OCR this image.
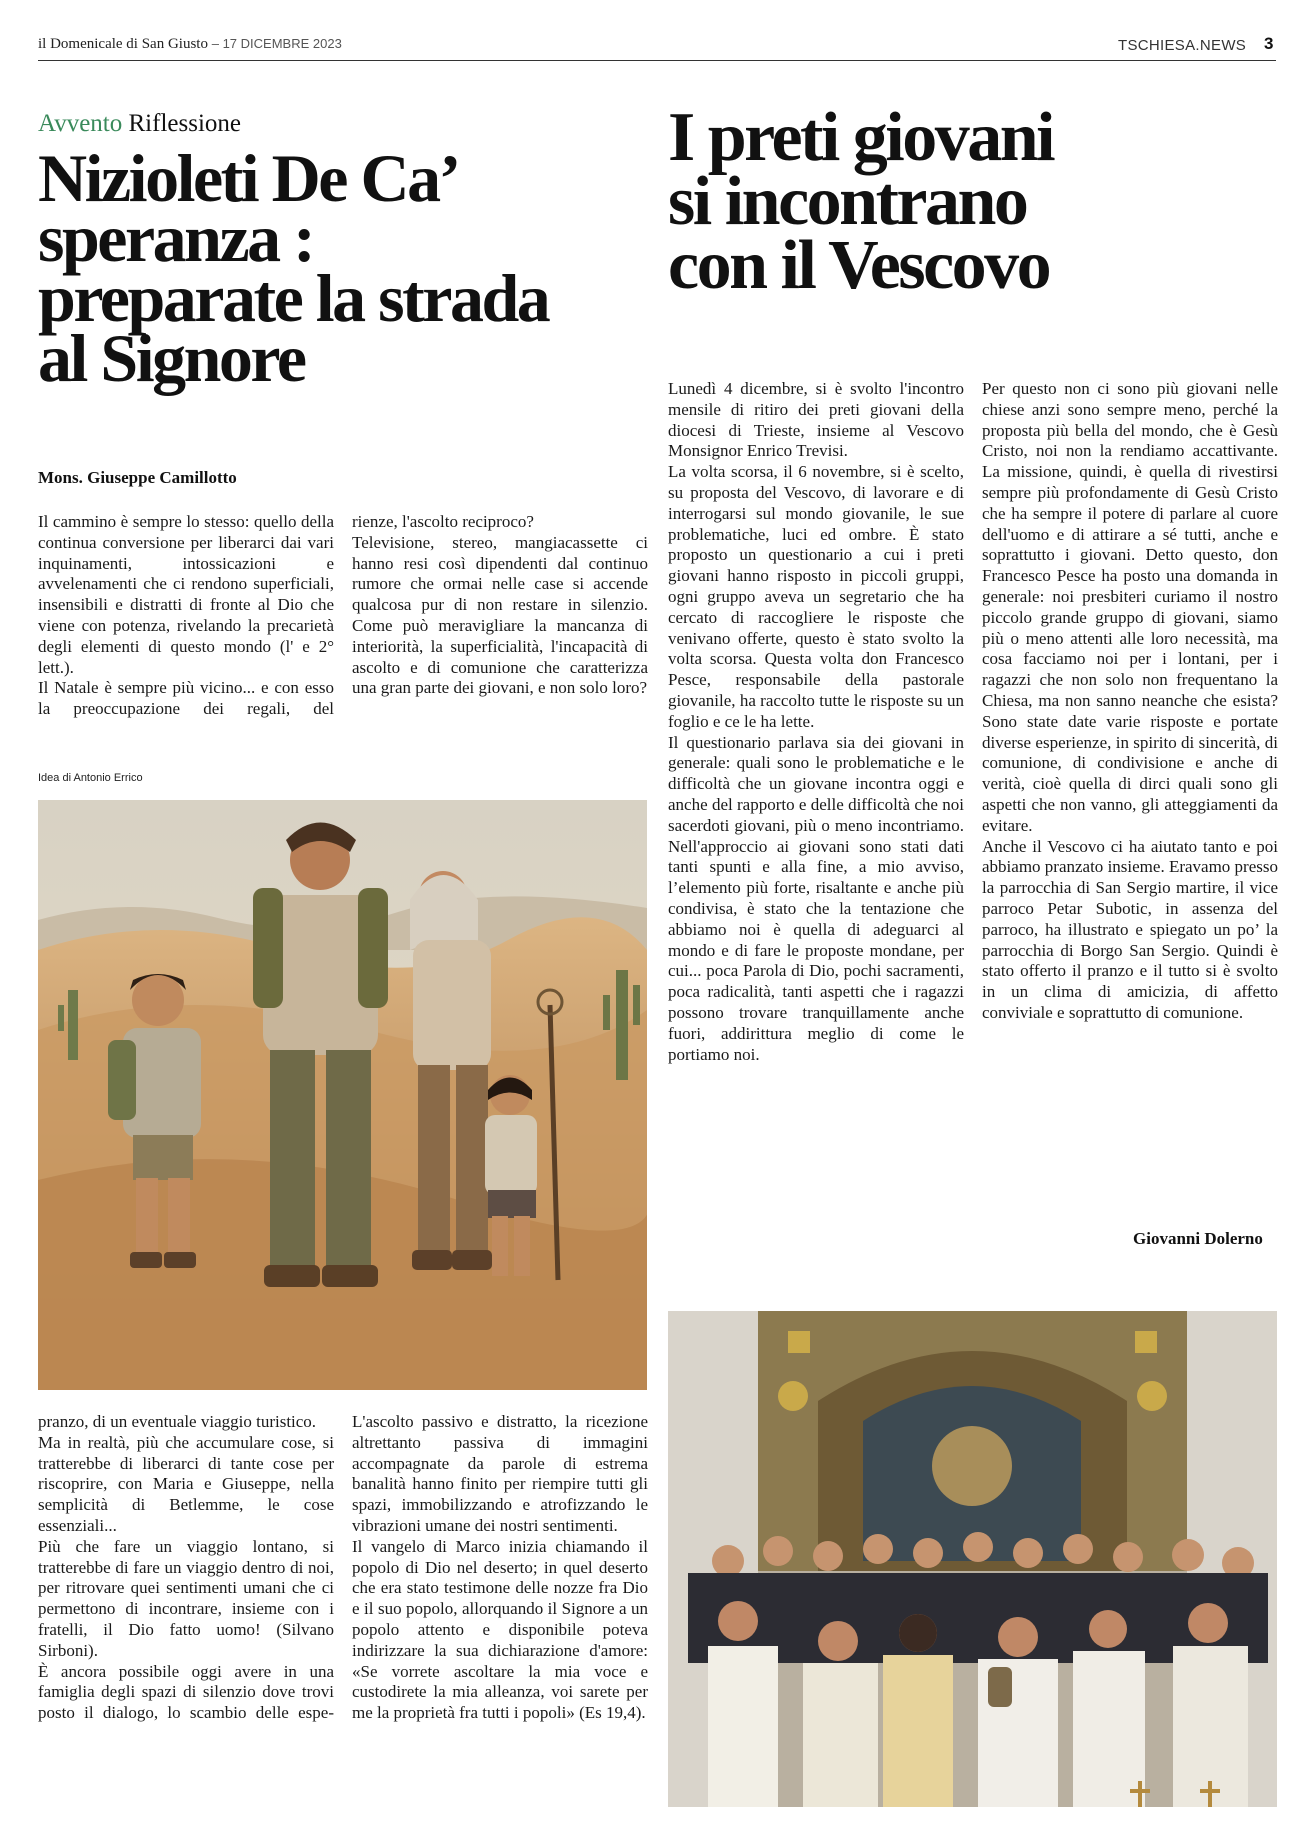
il Domenicale di San Giusto – 17 DICEMBRE 2023	TSCHIESA.NEWS 3
Avvento Riflessione
Nizioleti De Ca’
speranza :
preparate la strada
al Signore
Mons. Giuseppe Camillotto

Il cammino è sempre lo stesso: quello della continua conversione per liberarci dai vari inquinamenti, intossicazioni e avvelenamenti che ci rendono superficiali, insensibili e distratti di fronte al Dio che viene con potenza, rivelando la precarietà degli elementi di questo mondo (l' e 2° lett.).

Il Natale è sempre più vicino... e con esso la preoccupazione dei regali, del

rienze, l'ascolto reciproco?

Televisione, stereo, mangiacassette ci hanno resi così dipendenti dal continuo rumore che ormai nelle case si accende qualcosa pur di non restare in silenzio. Come può meravigliare la mancanza di interiorità, la superficialità, l'incapacità di ascolto e di comunione che caratterizza una gran parte dei giovani, e non solo loro?

Idea di Antonio Errico

pranzo, di un eventuale viaggio turistico.

Ma in realtà, più che accumulare cose, si tratterebbe di liberarci di tante cose per riscoprire, con Maria e Giuseppe, nella semplicità di Betlemme, le cose essenziali...

Più che fare un viaggio lontano, si tratterebbe di fare un viaggio dentro di noi, per ritrovare quei sentimenti umani che ci permettono di incontrare, insieme con i fratelli, il Dio fatto uomo! (Silvano Sirboni).

È ancora possibile oggi avere in una famiglia degli spazi di silenzio dove trovi posto il dialogo, lo scambio delle espe-

L'ascolto passivo e distratto, la ricezione altrettanto passiva di immagini accompagnate da parole di estrema banalità hanno finito per riempire tutti gli spazi, immobilizzando e atrofizzando le vibrazioni umane dei nostri sentimenti.

Il vangelo di Marco inizia chiamando il popolo di Dio nel deserto; in quel deserto che era stato testimone delle nozze fra Dio e il suo popolo, allorquando il Signore a un popolo attento e disponibile poteva indirizzare la sua dichiarazione d'amore: «Se vorrete ascoltare la mia voce e custodirete la mia alleanza, voi sarete per me la proprietà fra tutti i popoli» (Es 19,4).

I preti giovani
si incontrano
con il Vescovo

Lunedì 4 dicembre, si è svolto l'incontro mensile di ritiro dei preti giovani della diocesi di Trieste, insieme al Vescovo Monsignor Enrico Trevisi.

La volta scorsa, il 6 novembre, si è scelto, su proposta del Vescovo, di lavorare e di interrogarsi sul mondo giovanile, le sue problematiche, luci ed ombre. È stato proposto un questionario a cui i preti giovani hanno risposto in piccoli gruppi, ogni gruppo aveva un segretario che ha cercato di raccogliere le risposte che venivano offerte, questo è stato svolto la volta scorsa. Questa volta don Francesco Pesce, responsabile della pastorale giovanile, ha raccolto tutte le risposte su un foglio e ce le ha lette.

Il questionario parlava sia dei giovani in generale: quali sono le problematiche e le difficoltà che un giovane incontra oggi e anche del rapporto e delle difficoltà che noi sacerdoti giovani, più o meno incontriamo. Nell'approccio ai giovani sono stati dati tanti spunti e alla fine, a mio avviso, l’elemento più forte, risaltante e anche più condivisa, è stato che la tentazione che abbiamo noi è quella di adeguarci al mondo e di fare le proposte mondane, per cui... poca Parola di Dio, pochi sacramenti, poca radicalità, tanti aspetti che i ragazzi possono trovare tranquillamente anche fuori, addirittura meglio di come le portiamo noi.

Per questo non ci sono più giovani nelle chiese anzi sono sempre meno, perché la proposta più bella del mondo, che è Gesù Cristo, noi non la rendiamo accattivante. La missione, quindi, è quella di rivestirsi sempre più profondamente di Gesù Cristo che ha sempre il potere di parlare al cuore dell'uomo e di attirare a sé tutti, anche e soprattutto i giovani. Detto questo, don Francesco Pesce ha posto una domanda in generale: noi presbiteri curiamo il nostro piccolo grande gruppo di giovani, siamo più o meno attenti alle loro necessità, ma cosa facciamo noi per i lontani, per i ragazzi che non solo non frequentano la Chiesa, ma non sanno neanche che esista? Sono state date varie risposte e portate diverse esperienze, in spirito di sincerità, di comunione, di condivisione e anche di verità, cioè quella di dirci quali sono gli aspetti che non vanno, gli atteggiamenti da evitare.

Anche il Vescovo ci ha aiutato tanto e poi abbiamo pranzato insieme. Eravamo presso la parrocchia di San Sergio martire, il vice parroco Petar Subotic, in assenza del parroco, ha illustrato e spiegato un po’ la parrocchia di Borgo San Sergio. Quindi è stato offerto il pranzo e il tutto si è svolto in un clima di amicizia, di affetto conviviale e soprattutto di comunione.

Giovanni Dolerno
